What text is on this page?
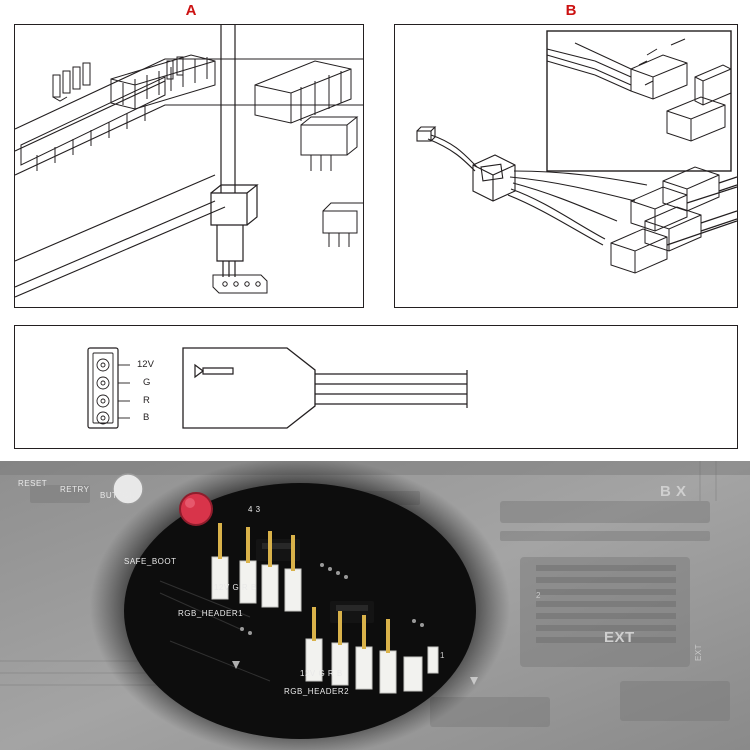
A	B
12V
G
R
B
RESET
RETRY
BUTTON
SAFE_BOOT
12V G R B
RGB_HEADER1
12V G R B
RGB_HEADER2
4 3
2
1
EXT
B X
EXT
